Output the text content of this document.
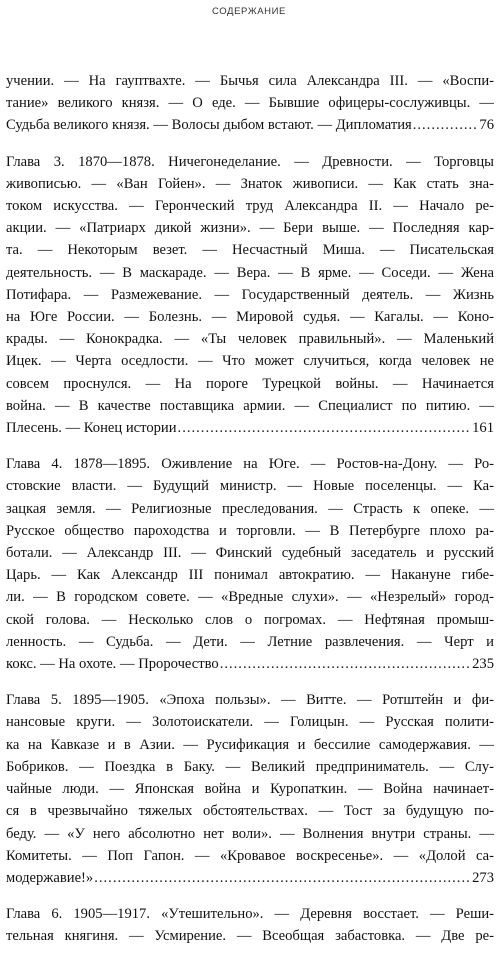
СОДЕРЖАНИЕ
учении. — На гауптвахте. — Бычья сила Александра III. — «Воспи-
тание» великого князя. — О еде. — Бывшие офицеры-сослуживцы. —
Судьба великого князя. — Волосы дыбом встают. — Дипломатия .....	76
Глава 3. 1870—1878. Ничегонеделание. — Древности. — Торговцы
живописью. — «Ван Гойен». — Знаток живописи. — Как стать зна-
током искусства. — Геронческий труд Александра II. — Начало ре-
акции. — «Патриарх дикой жизни». — Бери выше. — Последняя кар-
та. — Некоторым везет. — Несчастный Миша. — Писательская
деятельность. — В маскараде. — Вера. — В ярме. — Соседи. — Жена
Потифара. — Размежевание. — Государственный деятель. — Жизнь
на Юге России. — Болезнь. — Мировой судья. — Кагалы. — Коно-
крады. — Конокрадка. — «Ты человек правильный». — Маленький
Ицек. — Черта оседлости. — Что может случиться, когда человек не
совсем проснулся. — На пороге Турецкой войны. — Начинается
война. — В качестве поставщика армии. — Специалист по питию. —
Плесень. — Конец истории .....	161
Глава 4. 1878—1895. Оживление на Юге. — Ростов-на-Дону. — Ро-
стовские власти. — Будущий министр. — Новые поселенцы. — Ка-
зацкая земля. — Религиозные преследования. — Страсть к опеке. —
Русское общество пароходства и торговли. — В Петербурге плохо ра-
ботали. — Александр III. — Финский судебный заседатель и русский
Царь. — Как Александр III понимал автократию. — Накануне гибе-
ли. — В городском совете. — «Вредные слухи». — «Незрелый» город-
ской голова. — Несколько слов о погромах. — Нефтяная промыш-
ленность. — Судьба. — Дети. — Летние развлечения. — Черт и
кокс. — На охоте. — Пророчество .....	235
Глава 5. 1895—1905. «Эпоха пользы». — Витте. — Ротштейн и фи-
нансовые круги. — Золотоискатели. — Голицын. — Русская полити-
ка на Кавказе и в Азии. — Русификация и бессилие самодержавия. —
Бобриков. — Поездка в Баку. — Великий предприниматель. — Слу-
чайные люди. — Японская война и Куропаткин. — Война начинает-
ся в чрезвычайно тяжелых обстоятельствах. — Тост за будущую по-
беду. — «У него абсолютно нет воли». — Волнения внутри страны. —
Комитеты. — Поп Гапон. — «Кровавое воскресенье». — «Долой са-
модержавие!» .....	273
Глава 6. 1905—1917. «Утешительно». — Деревня восстает. — Реши-
тельная княгиня. — Усмирение. — Всеобщая забастовка. — Две ре-
